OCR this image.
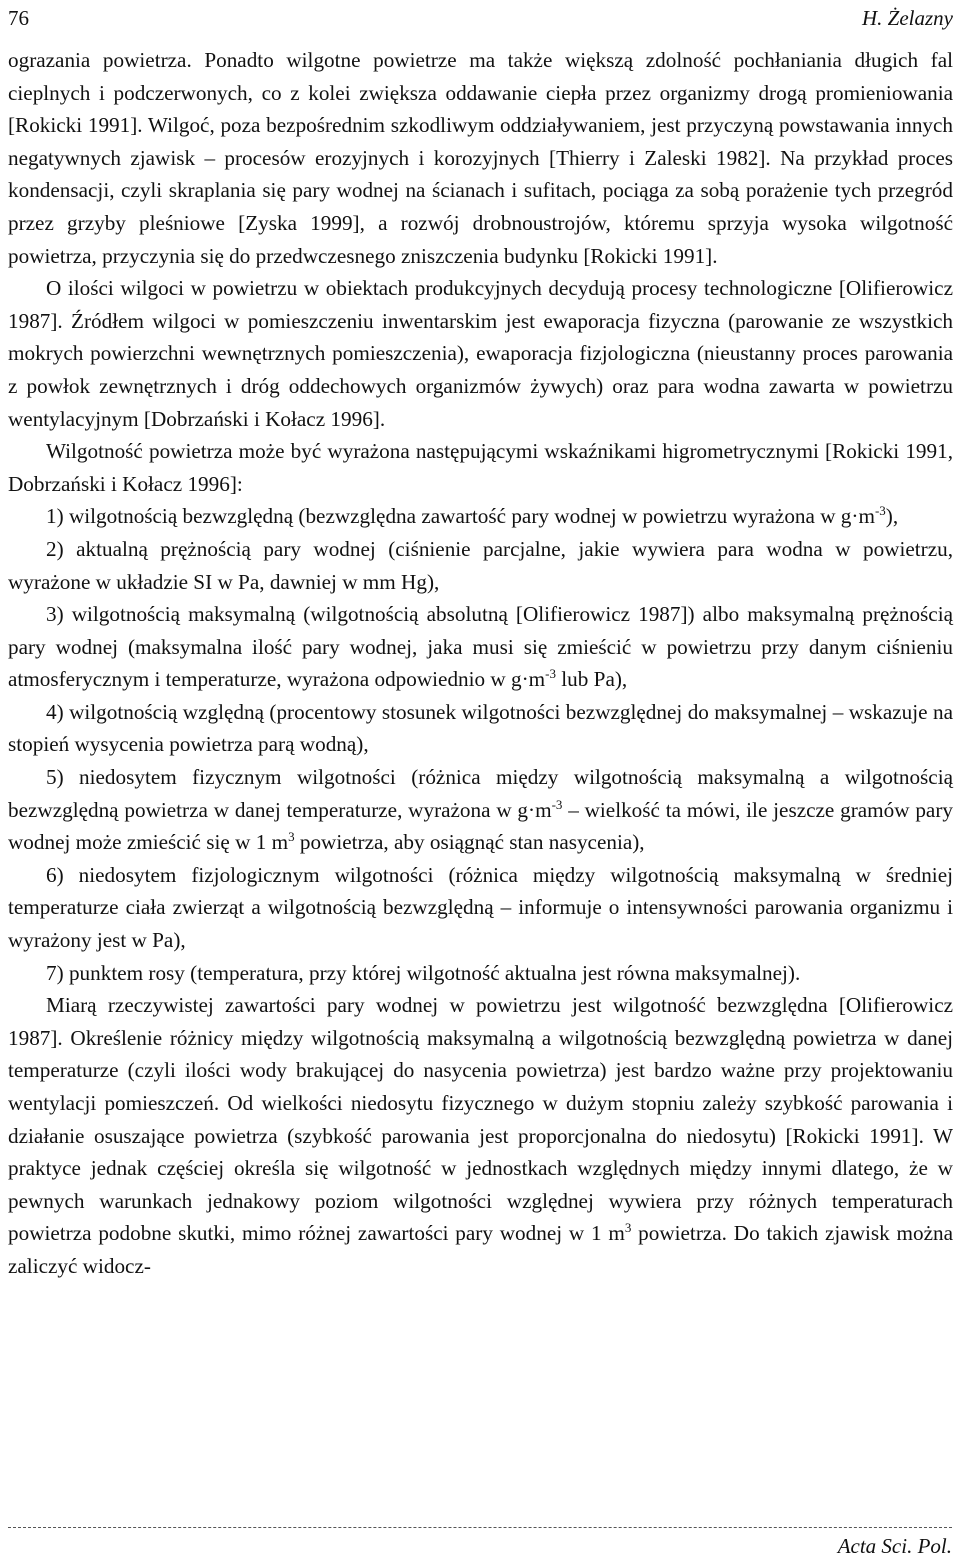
76	H. Żelazny

ograzania powietrza. Ponadto wilgotne powietrze ma także większą zdolność pochłaniania długich fal cieplnych i podczerwonych, co z kolei zwiększa oddawanie ciepła przez organizmy drogą promieniowania [Rokicki 1991]. Wilgoć, poza bezpośrednim szkodliwym oddziaływaniem, jest przyczyną powstawania innych negatywnych zjawisk – procesów erozyjnych i korozyjnych [Thierry i Zaleski 1982]. Na przykład proces kondensacji, czyli skraplania się pary wodnej na ścianach i sufitach, pociąga za sobą porażenie tych przegród przez grzyby pleśniowe [Zyska 1999], a rozwój drobnoustrojów, któremu sprzyja wysoka wilgotność powietrza, przyczynia się do przedwczesnego zniszczenia budynku [Rokicki 1991].

O ilości wilgoci w powietrzu w obiektach produkcyjnych decydują procesy technologiczne [Olifierowicz 1987]. Źródłem wilgoci w pomieszczeniu inwentarskim jest ewaporacja fizyczna (parowanie ze wszystkich mokrych powierzchni wewnętrznych pomieszczenia), ewaporacja fizjologiczna (nieustanny proces parowania z powłok zewnętrznych i dróg oddechowych organizmów żywych) oraz para wodna zawarta w powietrzu wentylacyjnym [Dobrzański i Kołacz 1996].

Wilgotność powietrza może być wyrażona następującymi wskaźnikami higrometrycznymi [Rokicki 1991, Dobrzański i Kołacz 1996]:

1) wilgotnością bezwzględną (bezwzględna zawartość pary wodnej w powietrzu wyrażona w $g\cdot m^{-3}$),

2) aktualną prężnością pary wodnej (ciśnienie parcjalne, jakie wywiera para wodna w powietrzu, wyrażone w układzie SI w Pa, dawniej w mm Hg),

3) wilgotnością maksymalną (wilgotnością absolutną [Olifierowicz 1987]) albo maksymalną prężnością pary wodnej (maksymalna ilość pary wodnej, jaka musi się zmieścić w powietrzu przy danym ciśnieniu atmosferycznym i temperaturze, wyrażona odpowiednio w $g\cdot m^{-3}$ lub Pa),

4) wilgotnością względną (procentowy stosunek wilgotności bezwzględnej do maksymalnej – wskazuje na stopień wysycenia powietrza parą wodną),

5) niedosytem fizycznym wilgotności (różnica między wilgotnością maksymalną a wilgotnością bezwzględną powietrza w danej temperaturze, wyrażona w $g\cdot m^{-3}$ – wielkość ta mówi, ile jeszcze gramów pary wodnej może zmieścić się w 1 $m^3$ powietrza, aby osiągnąć stan nasycenia),

6) niedosytem fizjologicznym wilgotności (różnica między wilgotnością maksymalną w średniej temperaturze ciała zwierząt a wilgotnością bezwzględną – informuje o intensywności parowania organizmu i wyrażony jest w Pa),

7) punktem rosy (temperatura, przy której wilgotność aktualna jest równa maksymalnej).

Miarą rzeczywistej zawartości pary wodnej w powietrzu jest wilgotność bezwzględna [Olifierowicz 1987]. Określenie różnicy między wilgotnością maksymalną a wilgotnością bezwzględną powietrza w danej temperaturze (czyli ilości wody brakującej do nasycenia powietrza) jest bardzo ważne przy projektowaniu wentylacji pomieszczeń. Od wielkości niedosytu fizycznego w dużym stopniu zależy szybkość parowania i działanie osuszające powietrza (szybkość parowania jest proporcjonalna do niedosytu) [Rokicki 1991]. W praktyce jednak częściej określa się wilgotność w jednostkach względnych między innymi dlatego, że w pewnych warunkach jednakowy poziom wilgotności względnej wywiera przy różnych temperaturach powietrza podobne skutki, mimo różnej zawartości pary wodnej w 1 $m^3$ powietrza. Do takich zjawisk można zaliczyć widocz-

Acta Sci. Pol.
